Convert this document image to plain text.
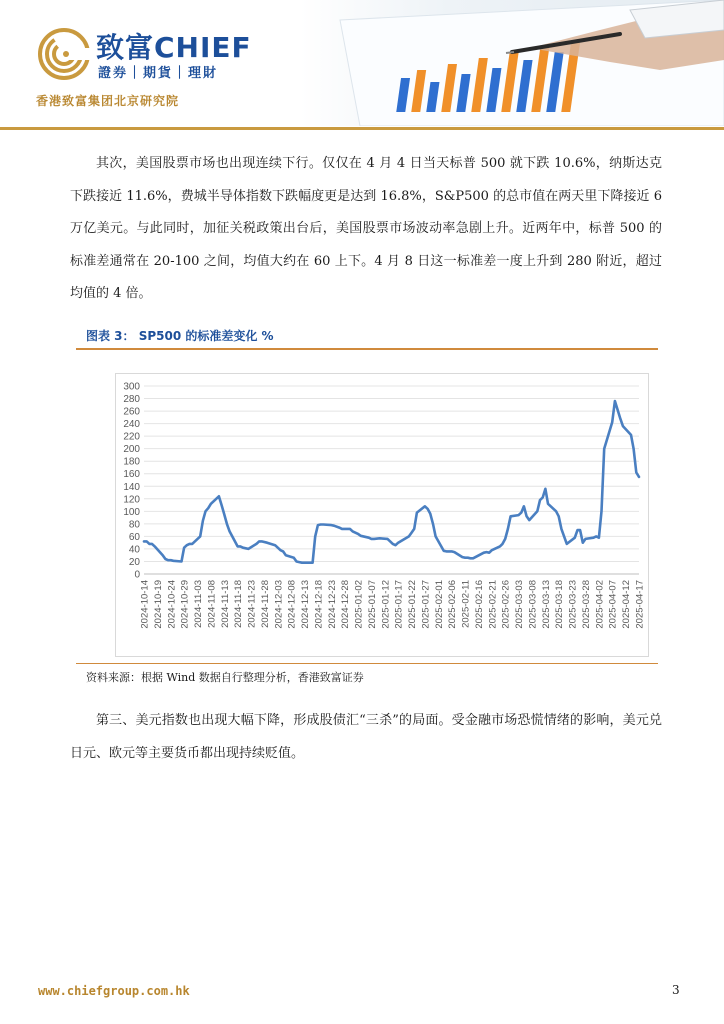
致富CHIEF
證券｜期貨｜理財
香港致富集团北京研究院
其次，美国股票市场也出现连续下行。仅仅在 4 月 4 日当天标普 500 就下跌 10.6%，纳斯达克下跌接近 11.6%，费城半导体指数下跌幅度更是达到 16.8%，S&P500 的总市值在两天里下降接近 6 万亿美元。与此同时，加征关税政策出台后，美国股票市场波动率急剧上升。近两年中，标普 500 的标准差通常在 20-100 之间，均值大约在 60 上下。4 月 8 日这一标准差一度上升到 280 附近，超过均值的 4 倍。
图表 3： SP500 的标准差变化 %
0
20
40
60
80
100
120
140
160
180
200
220
240
260
280
300
2024-10-14 2024-10-19 2024-10-24 2024-10-29 2024-11-03 2024-11-08 2024-11-13 2024-11-18 2024-11-23 2024-11-28 2024-12-03 2024-12-08 2024-12-13 2024-12-18 2024-12-23 2024-12-28 2025-01-02 2025-01-07 2025-01-12 2025-01-17 2025-01-22 2025-01-27 2025-02-01 2025-02-06 2025-02-11 2025-02-16 2025-02-21 2025-02-26 2025-03-03 2025-03-08 2025-03-13 2025-03-18 2025-03-23 2025-03-28 2025-04-02 2025-04-07 2025-04-12 2025-04-17
资料来源：根据 Wind 数据自行整理分析，香港致富证券
第三、美元指数也出现大幅下降，形成股债汇“三杀”的局面。受金融市场恐慌情绪的影响，美元兑日元、欧元等主要货币都出现持续贬值。
www.chiefgroup.com.hk	3
